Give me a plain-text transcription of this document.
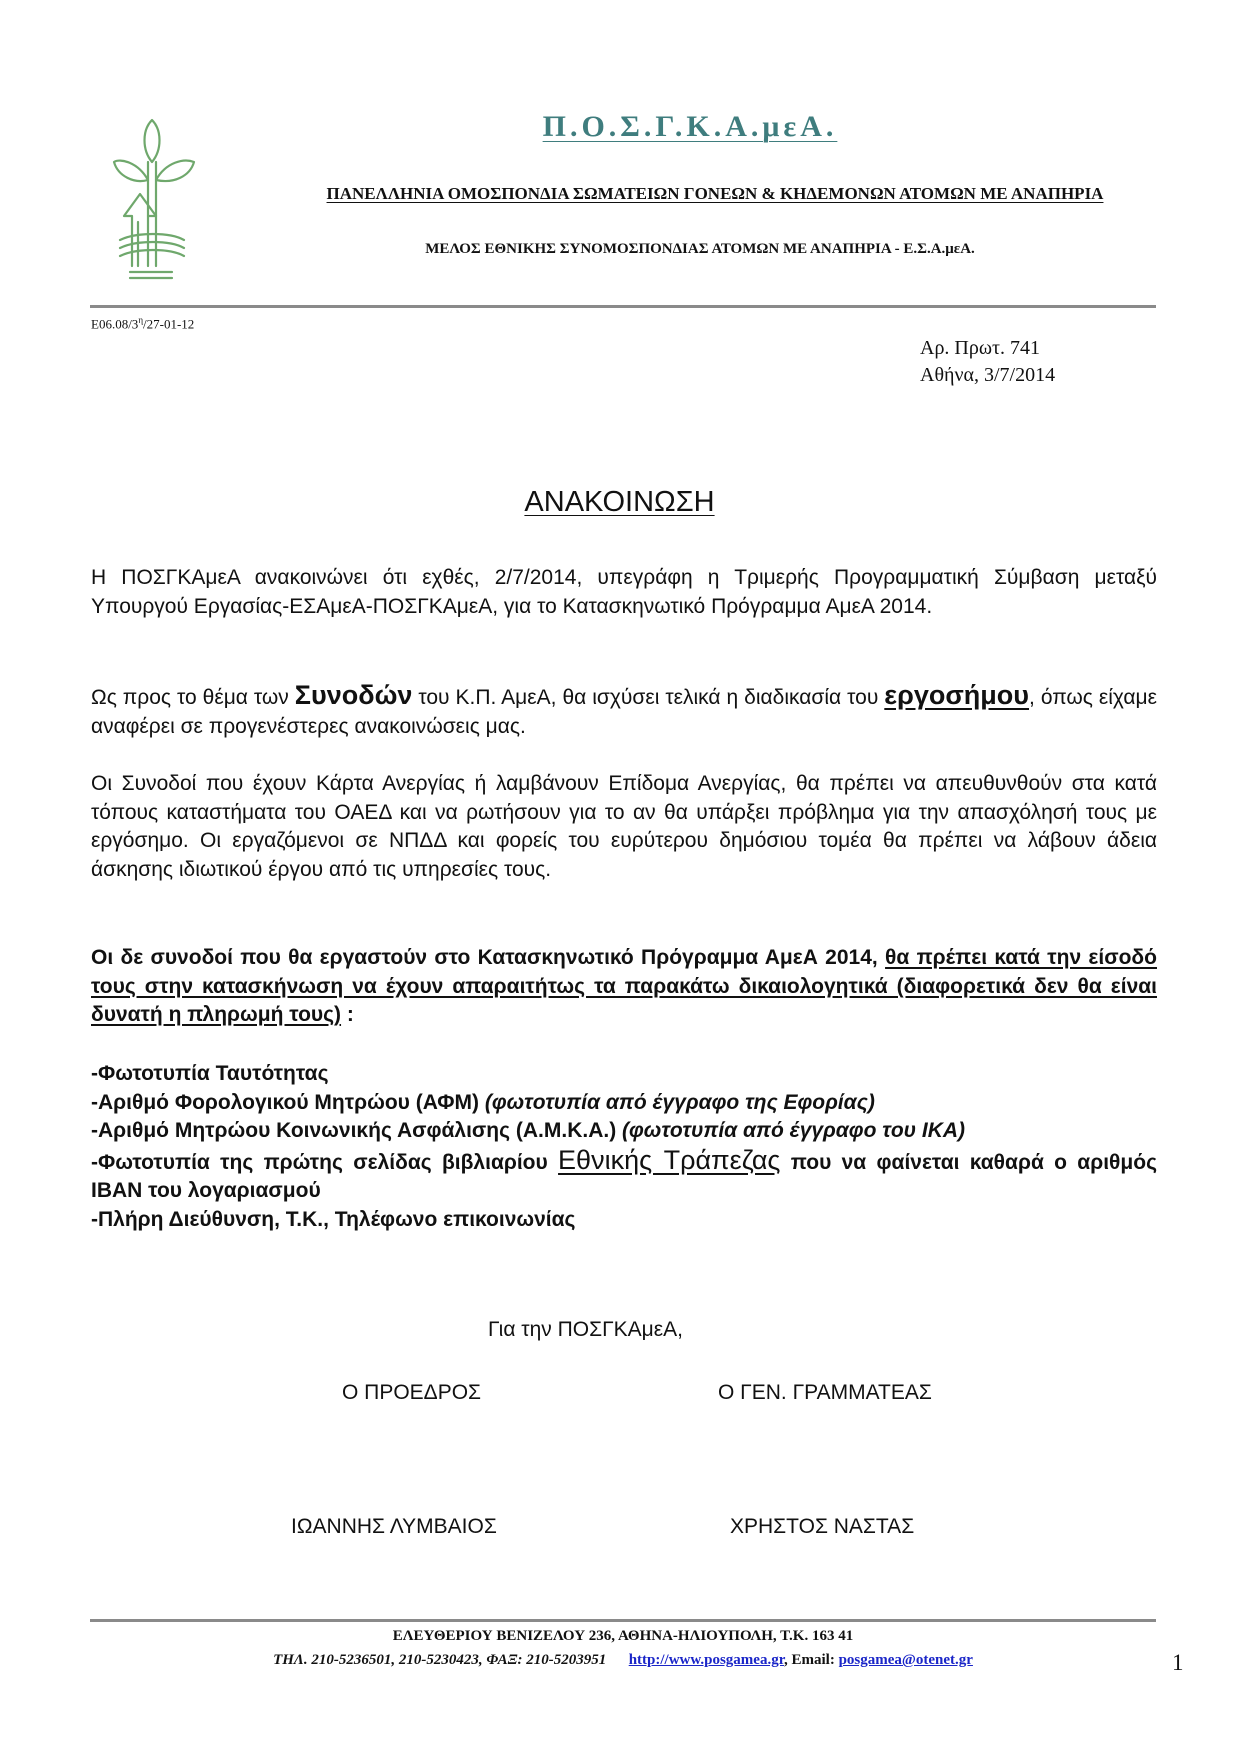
Π.Ο.Σ.Γ.Κ.Α.μεΑ.
ΠΑΝΕΛΛΗΝΙΑ ΟΜΟΣΠΟΝΔΙΑ ΣΩΜΑΤΕΙΩΝ ΓΟΝΕΩΝ & ΚΗΔΕΜΟΝΩΝ ΑΤΟΜΩΝ ΜΕ ΑΝΑΠΗΡΙΑ
ΜΕΛΟΣ ΕΘΝΙΚΗΣ ΣΥΝΟΜΟΣΠΟΝΔΙΑΣ ΑΤΟΜΩΝ ΜΕ ΑΝΑΠΗΡΙΑ - Ε.Σ.Α.μεΑ.
$E06.08/3^\eta/27-01-12$
Αρ. Πρωτ. 741
Αθήνα, 3/7/2014
ΑΝΑΚΟΙΝΩΣΗ
Η ΠΟΣΓΚΑμεΑ ανακοινώνει ότι εχθές, 2/7/2014, υπεγράφη η Τριμερής Προγραμματική Σύμβαση μεταξύ Υπουργού Εργασίας-ΕΣΑμεΑ-ΠΟΣΓΚΑμεΑ, για το Κατασκηνωτικό Πρόγραμμα ΑμεΑ 2014.
Ως προς το θέμα των Συνοδών του Κ.Π. ΑμεΑ, θα ισχύσει τελικά η διαδικασία του εργοσήμου, όπως είχαμε αναφέρει σε προγενέστερες ανακοινώσεις μας.
Οι Συνοδοί που έχουν Κάρτα Ανεργίας ή λαμβάνουν Επίδομα Ανεργίας, θα πρέπει να απευθυνθούν στα κατά τόπους καταστήματα του ΟΑΕΔ και να ρωτήσουν για το αν θα υπάρξει πρόβλημα για την απασχόλησή τους με εργόσημο. Οι εργαζόμενοι σε ΝΠΔΔ και φορείς του ευρύτερου δημόσιου τομέα θα πρέπει να λάβουν άδεια άσκησης ιδιωτικού έργου από τις υπηρεσίες τους.
Οι δε συνοδοί που θα εργαστούν στο Κατασκηνωτικό Πρόγραμμα ΑμεΑ 2014, θα πρέπει κατά την είσοδό τους στην κατασκήνωση να έχουν απαραιτήτως τα παρακάτω δικαιολογητικά (διαφορετικά δεν θα είναι δυνατή η πληρωμή τους) :
-Φωτοτυπία Ταυτότητας
-Αριθμό Φορολογικού Μητρώου (ΑΦΜ) (φωτοτυπία από έγγραφο της Εφορίας)
-Αριθμό Μητρώου Κοινωνικής Ασφάλισης (Α.Μ.Κ.Α.) (φωτοτυπία από έγγραφο του ΙΚΑ)
-Φωτοτυπία της πρώτης σελίδας βιβλιαρίου Εθνικής Τράπεζας που να φαίνεται καθαρά ο αριθμός IBAN του λογαριασμού
-Πλήρη Διεύθυνση, Τ.Κ., Τηλέφωνο επικοινωνίας
Για την ΠΟΣΓΚΑμεΑ,
Ο ΠΡΟΕΔΡΟΣ	Ο ΓΕΝ. ΓΡΑΜΜΑΤΕΑΣ
ΙΩΑΝΝΗΣ ΛΥΜΒΑΙΟΣ	ΧΡΗΣΤΟΣ ΝΑΣΤΑΣ
ΕΛΕΥΘΕΡΙΟΥ ΒΕΝΙΖΕΛΟΥ 236, ΑΘΗΝΑ-ΗΛΙΟΥΠΟΛΗ, Τ.Κ. 163 41
ΤΗΛ. 210-5236501, 210-5230423, ΦΑΞ: 210-5203951 http://www.posgamea.gr, Email: posgamea@otenet.gr	1
